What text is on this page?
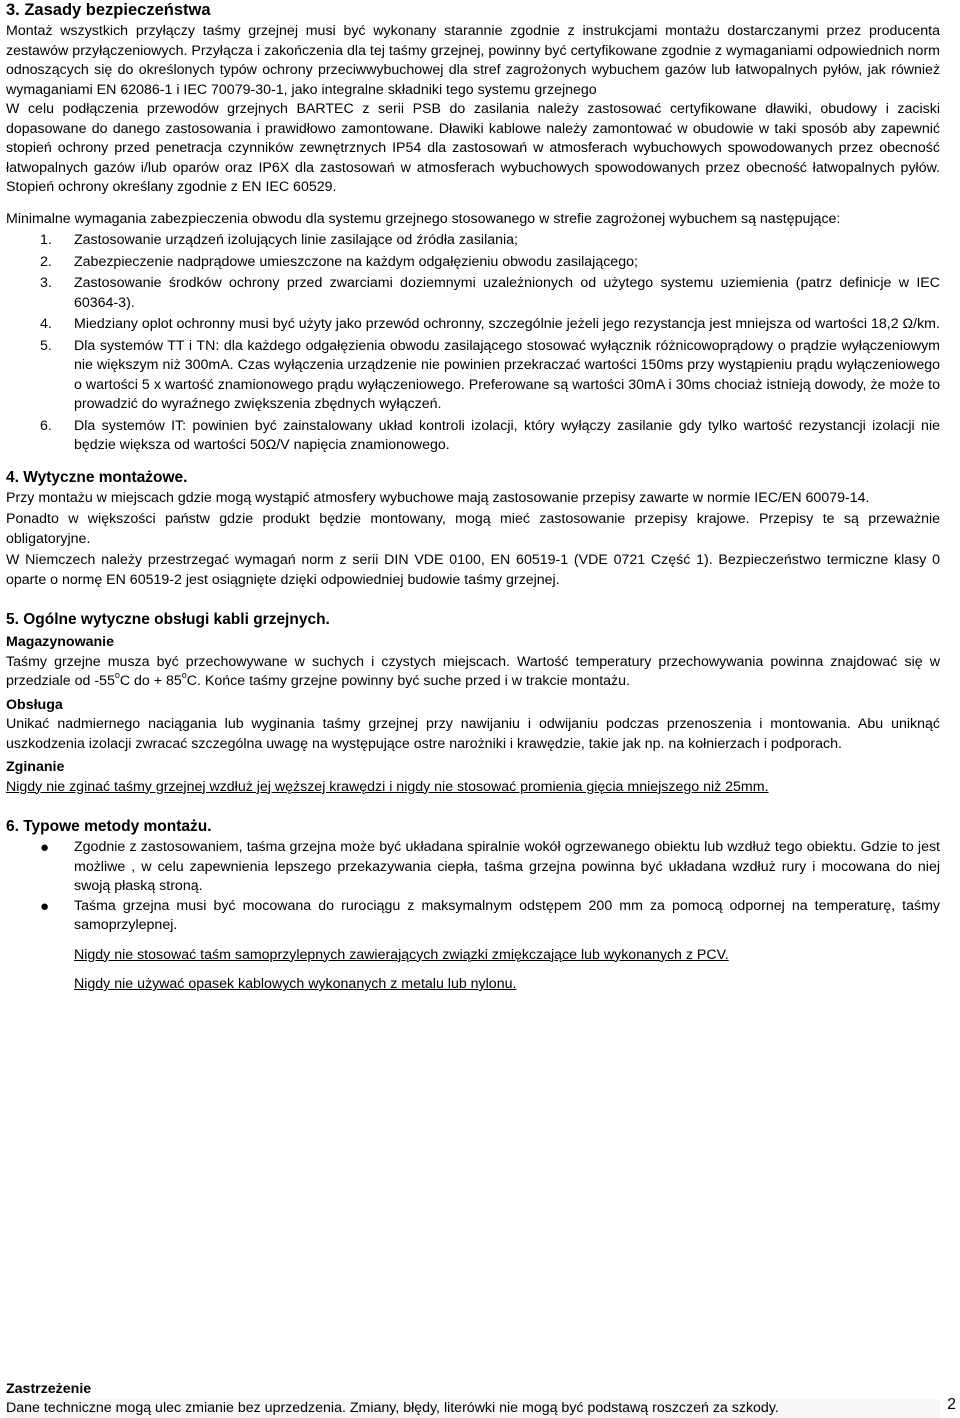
3. Zasady bezpieczeństwa
Montaż wszystkich przyłączy taśmy grzejnej musi być wykonany starannie zgodnie z instrukcjami montażu dostarczanymi przez producenta zestawów przyłączeniowych. Przyłącza i zakończenia dla tej taśmy grzejnej, powinny być certyfikowane zgodnie z wymaganiami odpowiednich norm odnoszących się do określonych typów ochrony przeciwwybuchowej dla stref zagrożonych wybuchem gazów lub łatwopalnych pyłów, jak również wymaganiami EN 62086-1 i IEC 70079-30-1, jako integralne składniki tego systemu grzejnego
W celu podłączenia przewodów grzejnych BARTEC z serii PSB do zasilania należy zastosować certyfikowane dławiki, obudowy i zaciski dopasowane do danego zastosowania i prawidłowo zamontowane. Dławiki kablowe należy zamontować w obudowie w taki sposób aby zapewnić stopień ochrony przed penetracja czynników zewnętrznych IP54 dla zastosowań w atmosferach wybuchowych spowodowanych przez obecność łatwopalnych gazów i/lub oparów oraz IP6X dla zastosowań w atmosferach wybuchowych spowodowanych przez obecność łatwopalnych pyłów. Stopień ochrony określany zgodnie z EN IEC 60529.
Minimalne wymagania zabezpieczenia obwodu dla systemu grzejnego stosowanego w strefie zagrożonej wybuchem są następujące:
1. Zastosowanie urządzeń izolujących linie zasilające od źródła zasilania;
2. Zabezpieczenie nadprądowe umieszczone na każdym odgałęzieniu obwodu zasilającego;
3. Zastosowanie środków ochrony przed zwarciami doziemnymi uzależnionych od użytego systemu uziemienia (patrz definicje w IEC 60364-3).
4. Miedziany oplot ochronny musi być użyty jako przewód ochronny, szczególnie jeżeli jego rezystancja jest mniejsza od wartości 18,2 Ω/km.
5. Dla systemów TT i TN: dla każdego odgałęzienia obwodu zasilającego stosować wyłącznik różnicowoprądowy o prądzie wyłączeniowym nie większym niż 300mA. Czas wyłączenia urządzenie nie powinien przekraczać wartości 150ms przy wystąpieniu prądu wyłączeniowego o wartości 5 x wartość znamionowego prądu wyłączeniowego. Preferowane są wartości 30mA i 30ms chociaż istnieją dowody, że może to prowadzić do wyraźnego zwiększenia zbędnych wyłączeń.
6. Dla systemów IT: powinien być zainstalowany układ kontroli izolacji, który wyłączy zasilanie gdy tylko wartość rezystancji izolacji nie będzie większa od wartości 50Ω/V napięcia znamionowego.
4. Wytyczne montażowe.
Przy montażu w miejscach gdzie mogą wystąpić atmosfery wybuchowe mają zastosowanie przepisy zawarte w normie IEC/EN 60079-14.
Ponadto w większości państw gdzie produkt będzie montowany, mogą mieć zastosowanie przepisy krajowe. Przepisy te są przeważnie obligatoryjne.
W Niemczech należy przestrzegać wymagań norm z serii DIN VDE 0100, EN 60519-1 (VDE 0721 Część 1). Bezpieczeństwo termiczne klasy 0 oparte o normę EN 60519-2 jest osiągnięte dzięki odpowiedniej budowie taśmy grzejnej.
5. Ogólne wytyczne obsługi kabli grzejnych.
Magazynowanie
Taśmy grzejne musza być przechowywane w suchych i czystych miejscach. Wartość temperatury przechowywania powinna znajdować się w przedziale od -55$^o$C do + $85^oC$. Końce taśmy grzejne powinny być suche przed i w trakcie montażu.
Obsługa
Unikać nadmiernego naciągania lub wyginania taśmy grzejnej przy nawijaniu i odwijaniu podczas przenoszenia i montowania. Abu uniknąć uszkodzenia izolacji zwracać szczególna uwagę na występujące ostre narożniki i krawędzie, takie jak np. na kołnierzach i podporach.
Zginanie
Nigdy nie zginać taśmy grzejnej wzdłuż jej węższej krawędzi i nigdy nie stosować promienia gięcia mniejszego niż 25mm.
6. Typowe metody montażu.
● Zgodnie z zastosowaniem, taśma grzejna może być układana spiralnie wokół ogrzewanego obiektu lub wzdłuż tego obiektu. Gdzie to jest możliwe , w celu zapewnienia lepszego przekazywania ciepła, taśma grzejna powinna być układana wzdłuż rury i mocowana do niej swoją płaską stroną.
● Taśma grzejna musi być mocowana do rurociągu z maksymalnym odstępem 200 mm za pomocą odpornej na temperaturę, taśmy samoprzylepnej.
Nigdy nie stosować taśm samoprzylepnych zawierających związki zmiękczające lub wykonanych z PCV.
Nigdy nie używać opasek kablowych wykonanych z metalu lub nylonu.
Zastrzeżenie
Dane techniczne mogą ulec zmianie bez uprzedzenia. Zmiany, błędy, literówki nie mogą być podstawą roszczeń za szkody.	2
